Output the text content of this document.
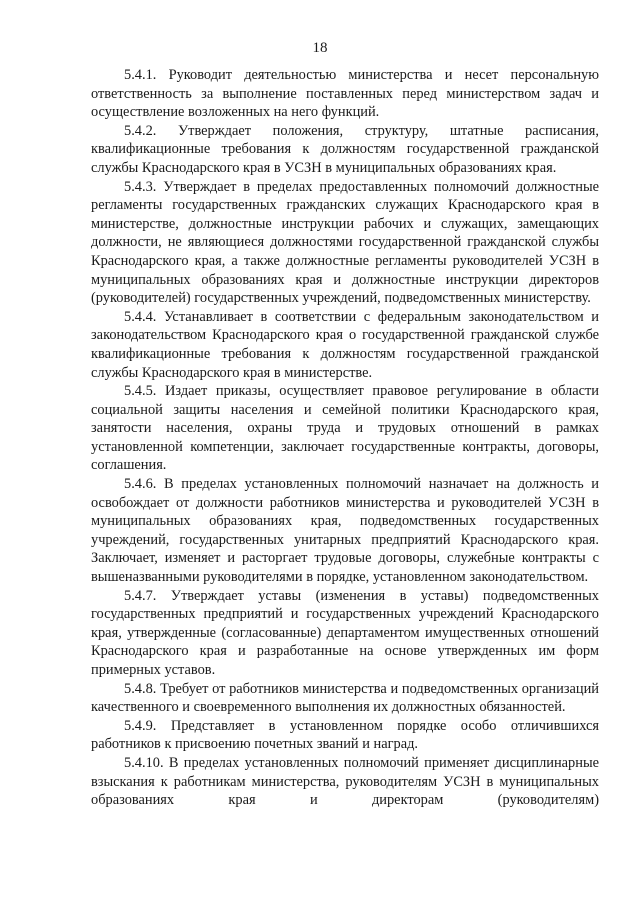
18

5.4.1. Руководит деятельностью министерства и несет персональную ответственность за выполнение поставленных перед министерством задач и осуществление возложенных на него функций.

5.4.2. Утверждает положения, структуру, штатные расписания, квалификационные требования к должностям государственной гражданской службы Краснодарского края в УСЗН в муниципальных образованиях края.

5.4.3. Утверждает в пределах предоставленных полномочий должностные регламенты государственных гражданских служащих Краснодарского края в министерстве, должностные инструкции рабочих и служащих, замещающих должности, не являющиеся должностями государственной гражданской службы Краснодарского края, а также должностные регламенты руководителей УСЗН в муниципальных образованиях края и должностные инструкции директоров (руководителей) государственных учреждений, подведомственных министерству.

5.4.4. Устанавливает в соответствии с федеральным законодательством и законодательством Краснодарского края о государственной гражданской службе квалификационные требования к должностям государственной гражданской службы Краснодарского края в министерстве.

5.4.5. Издает приказы, осуществляет правовое регулирование в области социальной защиты населения и семейной политики Краснодарского края, занятости населения, охраны труда и трудовых отношений в рамках установленной компетенции, заключает государственные контракты, договоры, соглашения.

5.4.6. В пределах установленных полномочий назначает на должность и освобождает от должности работников министерства и руководителей УСЗН в муниципальных образованиях края, подведомственных государственных учреждений, государственных унитарных предприятий Краснодарского края. Заключает, изменяет и расторгает трудовые договоры, служебные контракты с вышеназванными руководителями в порядке, установленном законодательством.

5.4.7. Утверждает уставы (изменения в уставы) подведомственных государственных предприятий и государственных учреждений Краснодарского края, утвержденные (согласованные) департаментом имущественных отношений Краснодарского края и разработанные на основе утвержденных им форм примерных уставов.

5.4.8. Требует от работников министерства и подведомственных организаций качественного и своевременного выполнения их должностных обязанностей.

5.4.9. Представляет в установленном порядке особо отличившихся работников к присвоению почетных званий и наград.

5.4.10. В пределах установленных полномочий применяет дисциплинарные взыскания к работникам министерства, руководителям УСЗН в муниципальных образованиях края и директорам (руководителям)
